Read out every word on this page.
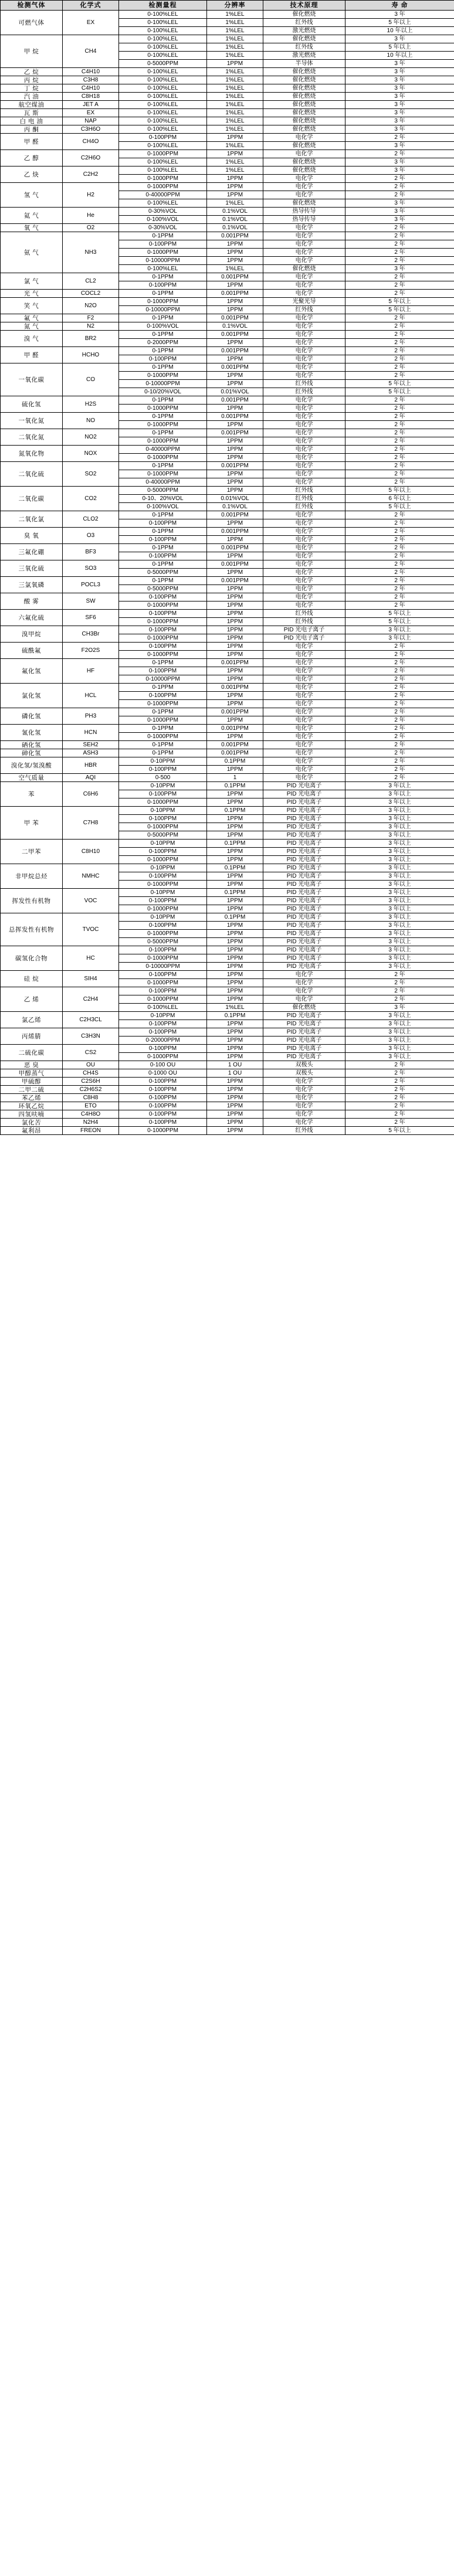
检测气体	化学式	检测量程	分辨率	技术原理	寿 命
可燃气体	EX	0-100%LEL	1%LEL	催化燃烧	3 年
		0-100%LEL	1%LEL	红外线	5 年以上
		0-100%LEL	1%LEL	激光燃烧	10 年以上
甲 烷	CH4	0-100%LEL	1%LEL	催化燃烧	3 年
		0-100%LEL	1%LEL	红外线	5 年以上
		0-100%LEL	1%LEL	激光燃烧	10 年以上
		0-5000PPM	1PPM	半导体	3 年
乙 烷	C4H10	0-100%LEL	1%LEL	催化燃烧	3 年
丙 烷	C3H8	0-100%LEL	1%LEL	催化燃烧	3 年
丁 烷	C4H10	0-100%LEL	1%LEL	催化燃烧	3 年
汽 油	C8H18	0-100%LEL	1%LEL	催化燃烧	3 年
航空煤油	JET A	0-100%LEL	1%LEL	催化燃烧	3 年
瓦 斯	EX	0-100%LEL	1%LEL	催化燃烧	3 年
白 电 油	NAP	0-100%LEL	1%LEL	催化燃烧	3 年
丙 酮	C3H6O	0-100%LEL	1%LEL	催化燃烧	3 年
甲 醛	CH4O	0-100PPM	1PPM	电化学	2 年
		0-100%LEL	1%LEL	催化燃烧	3 年
乙 醇	C2H6O	0-1000PPM	1PPM	电化学	2 年
		0-100%LEL	1%LEL	催化燃烧	3 年
乙 炔	C2H2	0-100%LEL	1%LEL	催化燃烧	3 年
		0-1000PPM	1PPM	电化学	2 年
氢 气	H2	0-1000PPM	1PPM	电化学	2 年
		0-40000PPM	1PPM	电化学	2 年
		0-100%LEL	1%LEL	催化燃烧	3 年
氦 气	He	0-30%VOL	0.1%VOL	热导传导	3 年
		0-100%VOL	0.1%VOL	热导传导	3 年
氧 气	O2	0-30%VOL	0.1%VOL	电化学	2 年
氨 气	NH3	0-1PPM	0.001PPM	电化学	2 年
		0-100PPM	1PPM	电化学	2 年
		0-1000PPM	1PPM	电化学	2 年
		0-10000PPM	1PPM	电化学	2 年
		0-100%LEL	1%LEL	催化燃烧	3 年
氯 气	CL2	0-1PPM	0.001PPM	电化学	2 年
		0-100PPM	1PPM	电化学	2 年
光 气	COCL2	0-1PPM	0.001PPM	电化学	2 年
笑 气	N2O	0-1000PPM	1PPM	光聚光导	5 年以上
		0-10000PPM	1PPM	红外线	5 年以上
氟 气	F2	0-1PPM	0.001PPM	电化学	2 年
氮 气	N2	0-100%VOL	0.1%VOL	电化学	2 年
溴 气	BR2	0-1PPM	0.001PPM	电化学	2 年
		0-2000PPM	1PPM	电化学	2 年
甲 醛	HCHO	0-1PPM	0.001PPM	电化学	2 年
		0-100PPM	1PPM	电化学	2 年
一氧化碳	CO	0-1PPM	0.001PPM	电化学	2 年
		0-1000PPM	1PPM	电化学	2 年
		0-10000PPM	1PPM	红外线	5 年以上
		0-10/20%VOL	0.01%VOL	红外线	5 年以上
硫化氢	H2S	0-1PPM	0.001PPM	电化学	2 年
		0-1000PPM	1PPM	电化学	2 年
一氧化氮	NO	0-1PPM	0.001PPM	电化学	2 年
		0-1000PPM	1PPM	电化学	2 年
二氧化氮	NO2	0-1PPM	0.001PPM	电化学	2 年
		0-1000PPM	1PPM	电化学	2 年
氮氧化物	NOX	0-40000PPM	1PPM	电化学	2 年
		0-1000PPM	1PPM	电化学	2 年
二氧化硫	SO2	0-1PPM	0.001PPM	电化学	2 年
		0-1000PPM	1PPM	电化学	2 年
		0-40000PPM	1PPM	电化学	2 年
二氧化碳	CO2	0-5000PPM	1PPM	红外线	5 年以上
		0-10、20%VOL	0.01%VOL	红外线	6 年以上
		0-100%VOL	0.1%VOL	红外线	5 年以上
二氧化氯	CLO2	0-1PPM	0.001PPM	电化学	2 年
		0-100PPM	1PPM	电化学	2 年
臭 氧	O3	0-1PPM	0.001PPM	电化学	2 年
		0-100PPM	1PPM	电化学	2 年
三氟化硼	BF3	0-1PPM	0.001PPM	电化学	2 年
		0-100PPM	1PPM	电化学	2 年
三氧化硫	SO3	0-1PPM	0.001PPM	电化学	2 年
		0-5000PPM	1PPM	电化学	2 年
三氯氧磷	POCL3	0-1PPM	0.001PPM	电化学	2 年
		0-5000PPM	1PPM	电化学	2 年
酸 雾	SW	0-100PPM	1PPM	电化学	2 年
		0-1000PPM	1PPM	电化学	2 年
六氟化硫	SF6	0-100PPM	1PPM	红外线	5 年以上
		0-1000PPM	1PPM	红外线	5 年以上
溴甲烷	CH3Br	0-100PPM	1PPM	PID 光电子离子	3 年以上
		0-1000PPM	1PPM	PID 光电子离子	3 年以上
硫酰氟	F2O2S	0-100PPM	1PPM	电化学	2 年
		0-1000PPM	1PPM	电化学	2 年
氟化氢	HF	0-1PPM	0.001PPM	电化学	2 年
		0-100PPM	1PPM	电化学	2 年
		0-10000PPM	1PPM	电化学	2 年
氯化氢	HCL	0-1PPM	0.001PPM	电化学	2 年
		0-100PPM	1PPM	电化学	2 年
		0-1000PPM	1PPM	电化学	2 年
磷化氢	PH3	0-1PPM	0.001PPM	电化学	2 年
		0-1000PPM	1PPM	电化学	2 年
氰化氢	HCN	0-1PPM	0.001PPM	电化学	2 年
		0-1000PPM	1PPM	电化学	2 年
硒化氢	SEH2	0-1PPM	0.001PPM	电化学	2 年
砷化氢	ASH3	0-1PPM	0.001PPM	电化学	2 年
溴化氢/氢溴酸	HBR	0-10PPM	0.1PPM	电化学	2 年
		0-100PPM	1PPM	电化学	2 年
空气质量	AQI	0-500	1	电化学	2 年
苯	C6H6	0-10PPM	0.1PPM	PID 光电离子	3 年以上
		0-100PPM	1PPM	PID 光电离子	3 年以上
		0-1000PPM	1PPM	PID 光电离子	3 年以上
甲 苯	C7H8	0-10PPM	0.1PPM	PID 光电离子	3 年以上
		0-100PPM	1PPM	PID 光电离子	3 年以上
		0-1000PPM	1PPM	PID 光电离子	3 年以上
		0-5000PPM	1PPM	PID 光电离子	3 年以上
二甲苯	C8H10	0-10PPM	0.1PPM	PID 光电离子	3 年以上
		0-100PPM	1PPM	PID 光电离子	3 年以上
		0-1000PPM	1PPM	PID 光电离子	3 年以上
非甲烷总烃	NMHC	0-10PPM	0.1PPM	PID 光电离子	3 年以上
		0-100PPM	1PPM	PID 光电离子	3 年以上
		0-1000PPM	1PPM	PID 光电离子	3 年以上
挥发性有机物	VOC	0-10PPM	0.1PPM	PID 光电离子	3 年以上
		0-100PPM	1PPM	PID 光电离子	3 年以上
		0-1000PPM	1PPM	PID 光电离子	3 年以上
总挥发性有机物	TVOC	0-10PPM	0.1PPM	PID 光电离子	3 年以上
		0-100PPM	1PPM	PID 光电离子	3 年以上
		0-1000PPM	1PPM	PID 光电离子	3 年以上
		0-5000PPM	1PPM	PID 光电离子	3 年以上
碳氢化合物	HC	0-100PPM	1PPM	PID 光电离子	3 年以上
		0-1000PPM	1PPM	PID 光电离子	3 年以上
		0-10000PPM	1PPM	PID 光电离子	3 年以上
硅 烷	SIH4	0-100PPM	1PPM	电化学	2 年
		0-1000PPM	1PPM	电化学	2 年
乙 烯	C2H4	0-100PPM	1PPM	电化学	2 年
		0-1000PPM	1PPM	电化学	2 年
		0-100%LEL	1%LEL	催化燃烧	3 年
氯乙烯	C2H3CL	0-10PPM	0.1PPM	PID 光电离子	3 年以上
		0-100PPM	1PPM	PID 光电离子	3 年以上
丙烯腈	C3H3N	0-100PPM	1PPM	PID 光电离子	3 年以上
		0-20000PPM	1PPM	PID 光电离子	3 年以上
二硫化碳	CS2	0-100PPM	1PPM	PID 光电离子	3 年以上
		0-1000PPM	1PPM	PID 光电离子	3 年以上
恶 臭	OU	0-100 OU	1 OU	双极头	2 年
甲醇蒸气	CH4S	0-1000 OU	1 OU	双极头	2 年
甲硫醇	C2S6H	0-100PPM	1PPM	电化学	2 年
二甲二硫	C2H6S2	0-100PPM	1PPM	电化学	2 年
苯乙烯	C8H8	0-100PPM	1PPM	电化学	2 年
环氧乙烷	ETO	0-100PPM	1PPM	电化学	2 年
四氢呋喃	C4H8O	0-100PPM	1PPM	电化学	2 年
氯化苦	N2H4	0-100PPM	1PPM	电化学	2 年
氟利昂	FREON	0-1000PPM	1PPM	红外线	5 年以上
